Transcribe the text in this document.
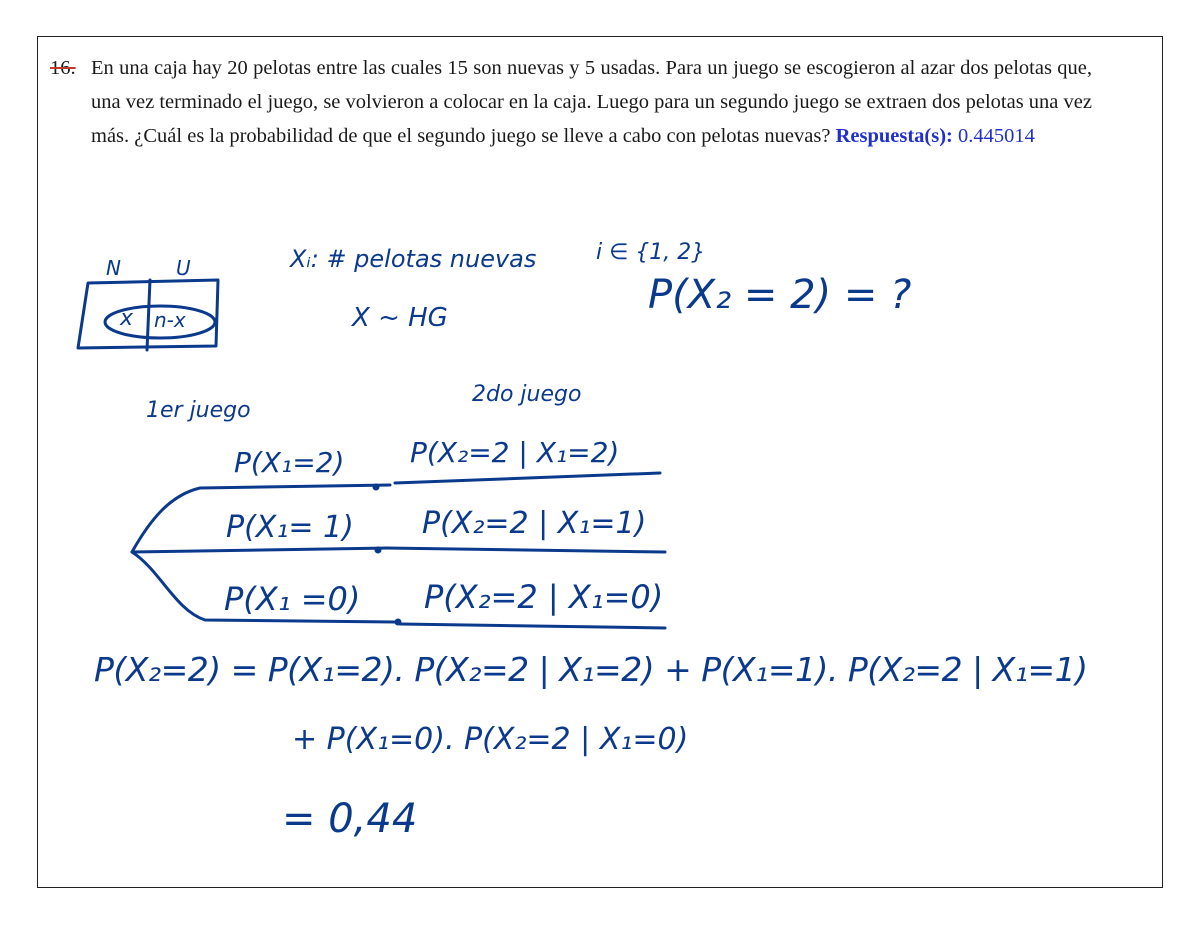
16. En una caja hay 20 pelotas entre las cuales 15 son nuevas y 5 usadas. Para un juego se escogieron al azar dos pelotas que, una vez terminado el juego, se volvieron a colocar en la caja. Luego para un segundo juego se extraen dos pelotas una vez más. ¿Cuál es la probabilidad de que el segundo juego se lleve a cabo con pelotas nuevas? Respuesta(s): 0.445014
N	U
x n-x
Xᵢ: # pelotas nuevas	i ∈ {1, 2}
X ~ HG	P(X₂ = 2) = ?
1er juego
2do juego
P(X₁=2) P(X₂=2 | X₁=2)
P(X₁= 1) P(X₂=2 | X₁=1)
P(X₁ =0) P(X₂=2 | X₁=0)
P(X₂=2) = P(X₁=2). P(X₂=2 | X₁=2) + P(X₁=1). P(X₂=2 | X₁=1)
+ P(X₁=0). P(X₂=2 | X₁=0)
= 0,44
